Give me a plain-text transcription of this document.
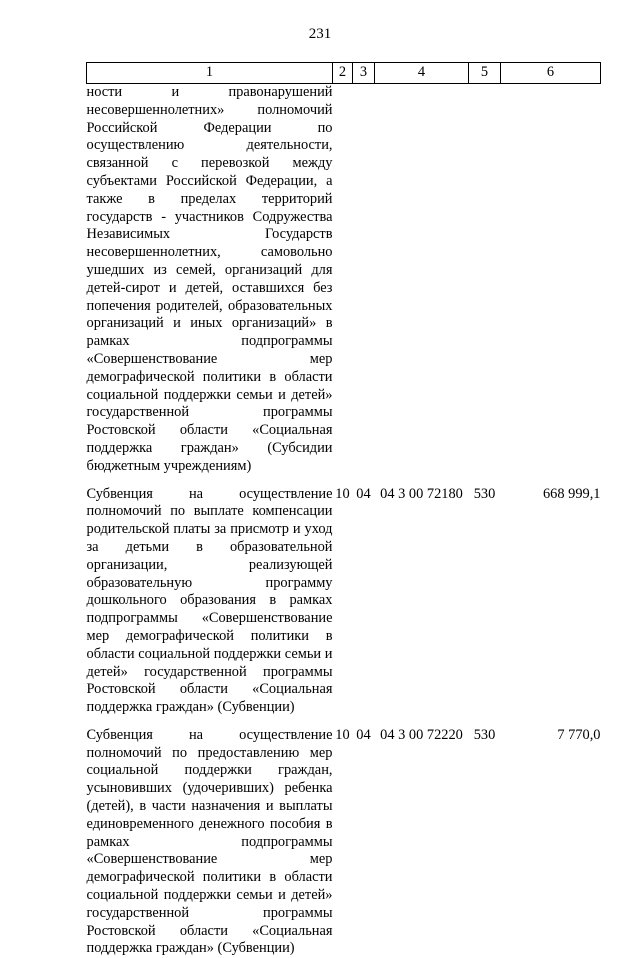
231
1	2	3	4	5	6
ности и правонарушений несовершеннолетних» полномочий Российской Федерации по осуществлению деятельности, связанной с перевозкой между субъектами Российской Федерации, а также в пределах территорий государств - участников Содружества Независимых Государств несовершеннолетних, самовольно ушедших из семей, организаций для детей-сирот и детей, оставшихся без попечения родителей, образовательных организаций и иных организаций» в рамках подпрограммы «Совершенствование мер демографической политики в области социальной поддержки семьи и детей» государственной программы Ростовской области «Социальная поддержка граждан» (Субсидии бюджетным учреждениям)					

Субвенция на осуществление полномочий по выплате компенсации родительской платы за присмотр и уход за детьми в образовательной организации, реализующей образовательную программу дошкольного образования в рамках подпрограммы «Совершенствование мер демографической политики в области социальной поддержки семьи и детей» государственной программы Ростовской области «Социальная поддержка граждан» (Субвенции)	10	04	04 3 00 72180	530	668 999,1

Субвенция на осуществление полномочий по предоставлению мер социальной поддержки граждан, усыновивших (удочеривших) ребенка (детей), в части назначения и выплаты единовременного денежного пособия в рамках подпрограммы «Совершенствование мер демографической политики в области социальной поддержки семьи и детей» государственной программы Ростовской области «Социальная поддержка граждан» (Субвенции)	10	04	04 3 00 72220	530	7 770,0
